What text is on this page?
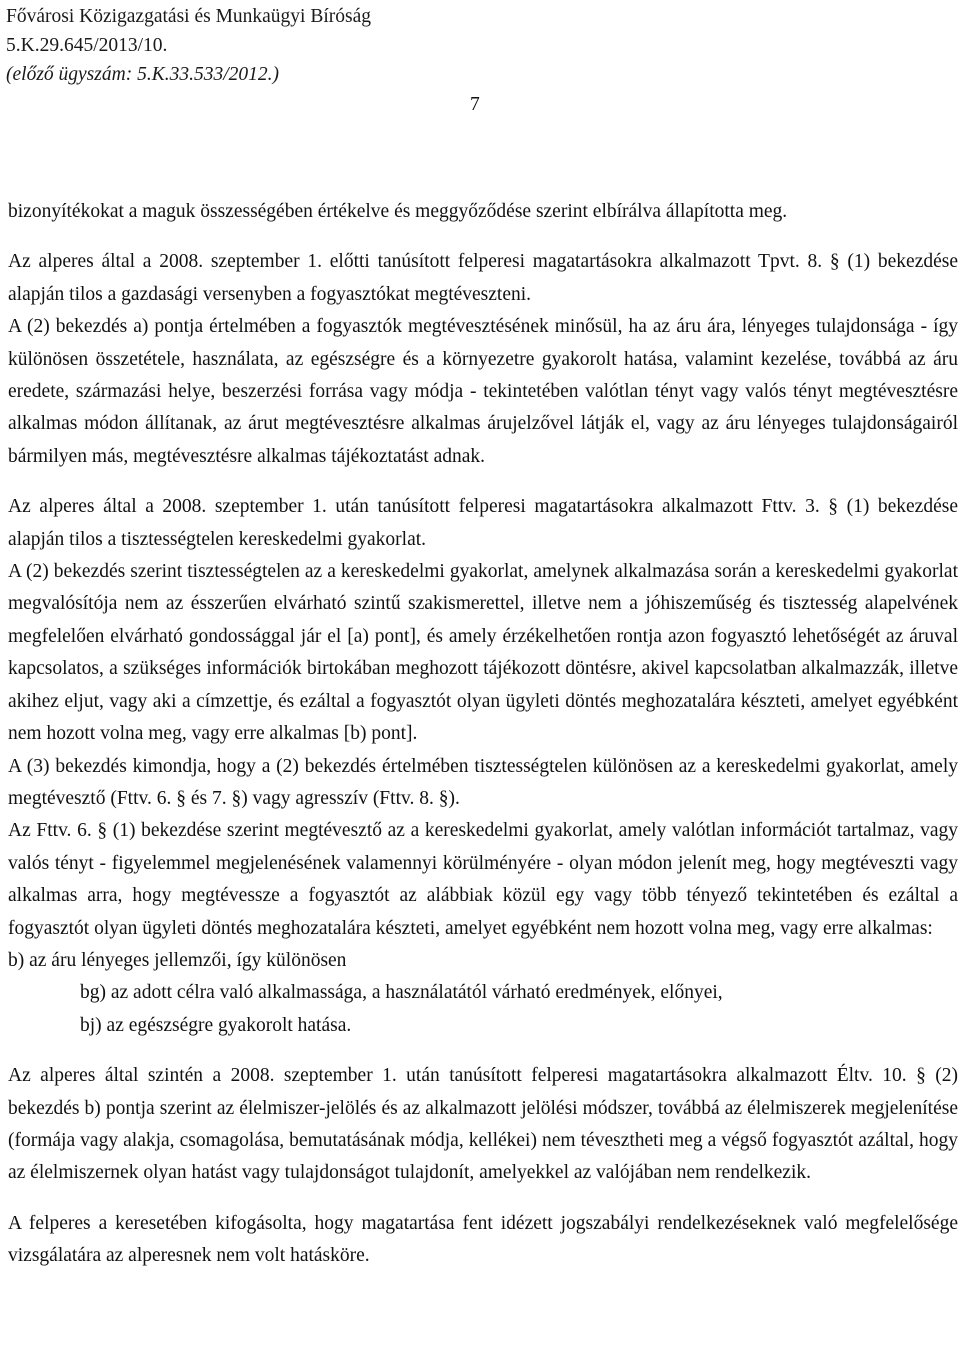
Fővárosi Közigazgatási és Munkaügyi Bíróság
5.K.29.645/2013/10.
(előző ügyszám: 5.K.33.533/2012.)
7

bizonyítékokat a maguk összességében értékelve és meggyőződése szerint elbírálva állapította meg.

Az alperes által a 2008. szeptember 1. előtti tanúsított felperesi magatartásokra alkalmazott Tpvt. 8. § (1) bekezdése alapján tilos a gazdasági versenyben a fogyasztókat megtéveszteni.

A (2) bekezdés a) pontja értelmében a fogyasztók megtévesztésének minősül, ha az áru ára, lényeges tulajdonsága - így különösen összetétele, használata, az egészségre és a környezetre gyakorolt hatása, valamint kezelése, továbbá az áru eredete, származási helye, beszerzési forrása vagy módja - tekintetében valótlan tényt vagy valós tényt megtévesztésre alkalmas módon állítanak, az árut megtévesztésre alkalmas árujelzővel látják el, vagy az áru lényeges tulajdonságairól bármilyen más, megtévesztésre alkalmas tájékoztatást adnak.

Az alperes által a 2008. szeptember 1. után tanúsított felperesi magatartásokra alkalmazott Fttv. 3. § (1) bekezdése alapján tilos a tisztességtelen kereskedelmi gyakorlat.

A (2) bekezdés szerint tisztességtelen az a kereskedelmi gyakorlat, amelynek alkalmazása során a kereskedelmi gyakorlat megvalósítója nem az ésszerűen elvárható szintű szakismerettel, illetve nem a jóhiszeműség és tisztesség alapelvének megfelelően elvárható gondossággal jár el [a) pont], és amely érzékelhetően rontja azon fogyasztó lehetőségét az áruval kapcsolatos, a szükséges információk birtokában meghozott tájékozott döntésre, akivel kapcsolatban alkalmazzák, illetve akihez eljut, vagy aki a címzettje, és ezáltal a fogyasztót olyan ügyleti döntés meghozatalára készteti, amelyet egyébként nem hozott volna meg, vagy erre alkalmas [b) pont].

A (3) bekezdés kimondja, hogy a (2) bekezdés értelmében tisztességtelen különösen az a kereskedelmi gyakorlat, amely megtévesztő (Fttv. 6. § és 7. §) vagy agresszív (Fttv. 8. §).

Az Fttv. 6. § (1) bekezdése szerint megtévesztő az a kereskedelmi gyakorlat, amely valótlan információt tartalmaz, vagy valós tényt - figyelemmel megjelenésének valamennyi körülményére - olyan módon jelenít meg, hogy megtéveszti vagy alkalmas arra, hogy megtévessze a fogyasztót az alábbiak közül egy vagy több tényező tekintetében és ezáltal a fogyasztót olyan ügyleti döntés meghozatalára készteti, amelyet egyébként nem hozott volna meg, vagy erre alkalmas:

b) az áru lényeges jellemzői, így különösen

bg) az adott célra való alkalmassága, a használatától várható eredmények, előnyei,

bj) az egészségre gyakorolt hatása.

Az alperes által szintén a 2008. szeptember 1. után tanúsított felperesi magatartásokra alkalmazott Éltv. 10. § (2) bekezdés b) pontja szerint az élelmiszer-jelölés és az alkalmazott jelölési módszer, továbbá az élelmiszerek megjelenítése (formája vagy alakja, csomagolása, bemutatásának módja, kellékei) nem tévesztheti meg a végső fogyasztót azáltal, hogy az élelmiszernek olyan hatást vagy tulajdonságot tulajdonít, amelyekkel az valójában nem rendelkezik.

A felperes a keresetében kifogásolta, hogy magatartása fent idézett jogszabályi rendelkezéseknek való megfelelősége vizsgálatára az alperesnek nem volt hatásköre.
